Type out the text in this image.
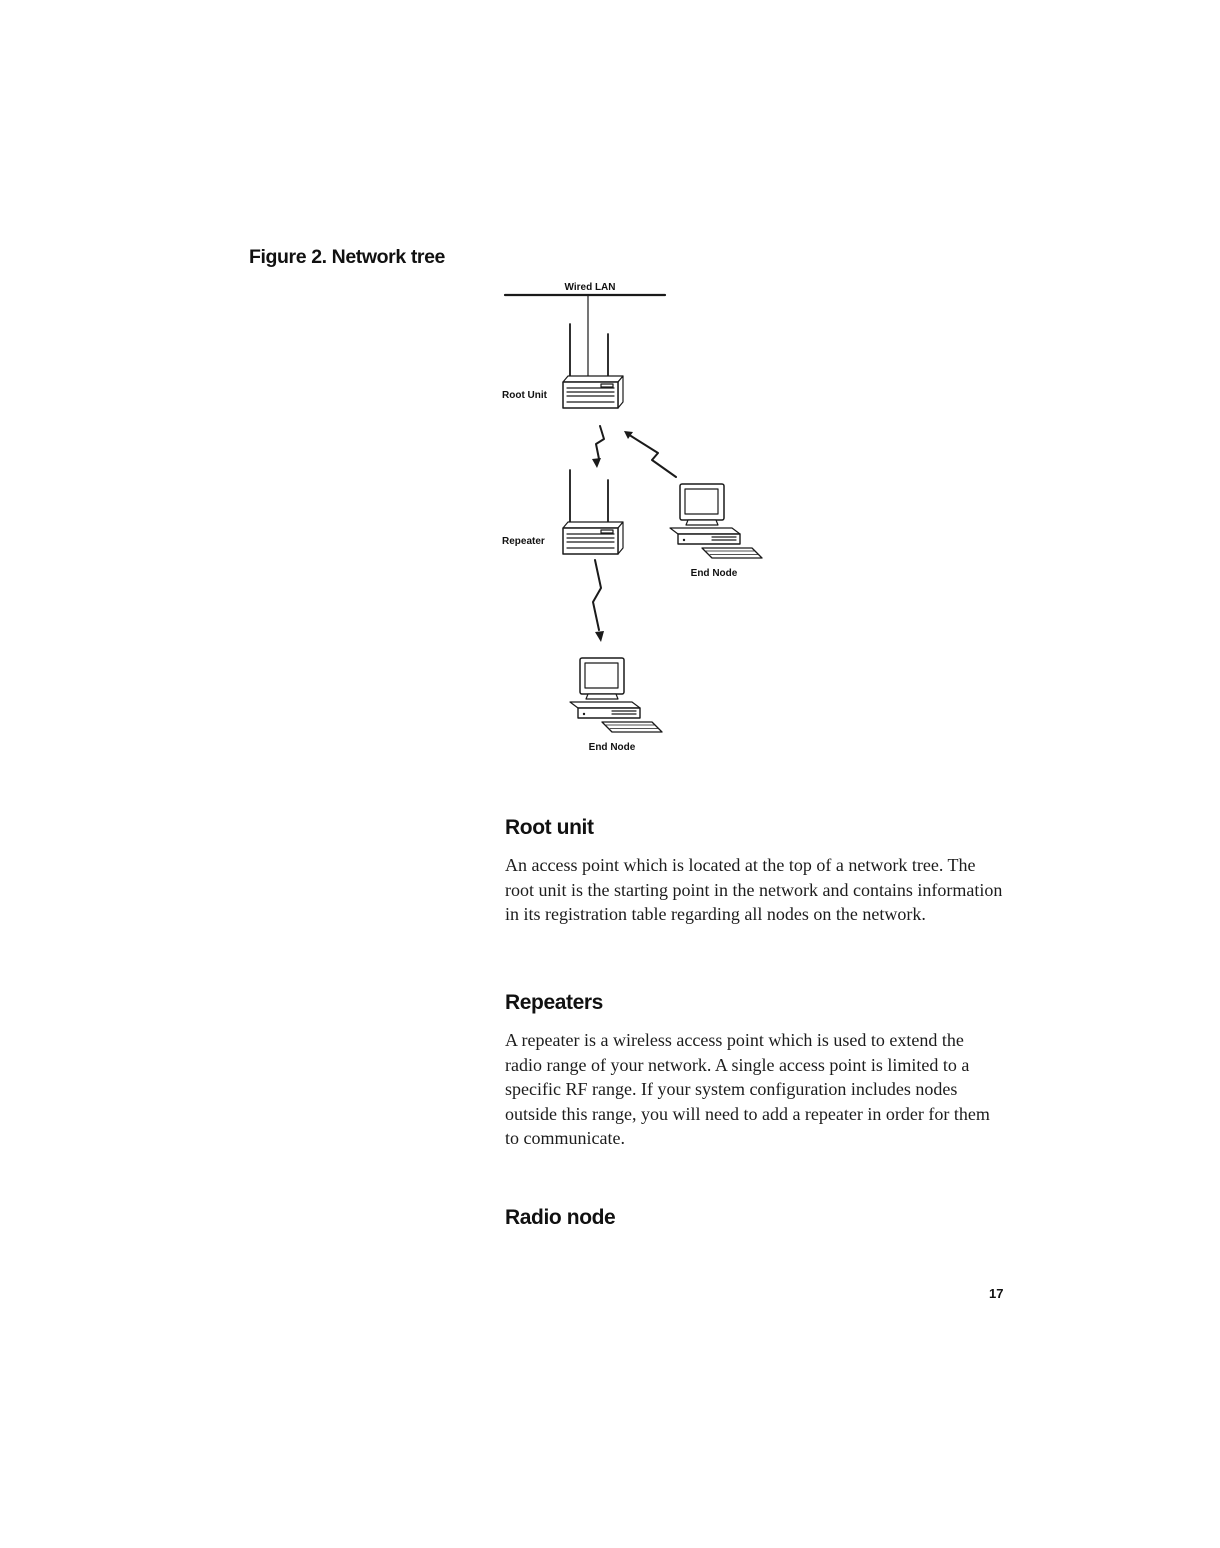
Figure 2. Network tree
Wired LAN
Root Unit
Repeater
End Node
End Node
Root unit

An access point which is located at the top of a network tree. The root unit is the starting point in the network and contains information in its registration table regarding all nodes on the network.

Repeaters

A repeater is a wireless access point which is used to extend the radio range of your network. A single access point is limited to a specific RF range. If your system configuration includes nodes outside this range, you will need to add a repeater in order for them to communicate.

Radio node

17
